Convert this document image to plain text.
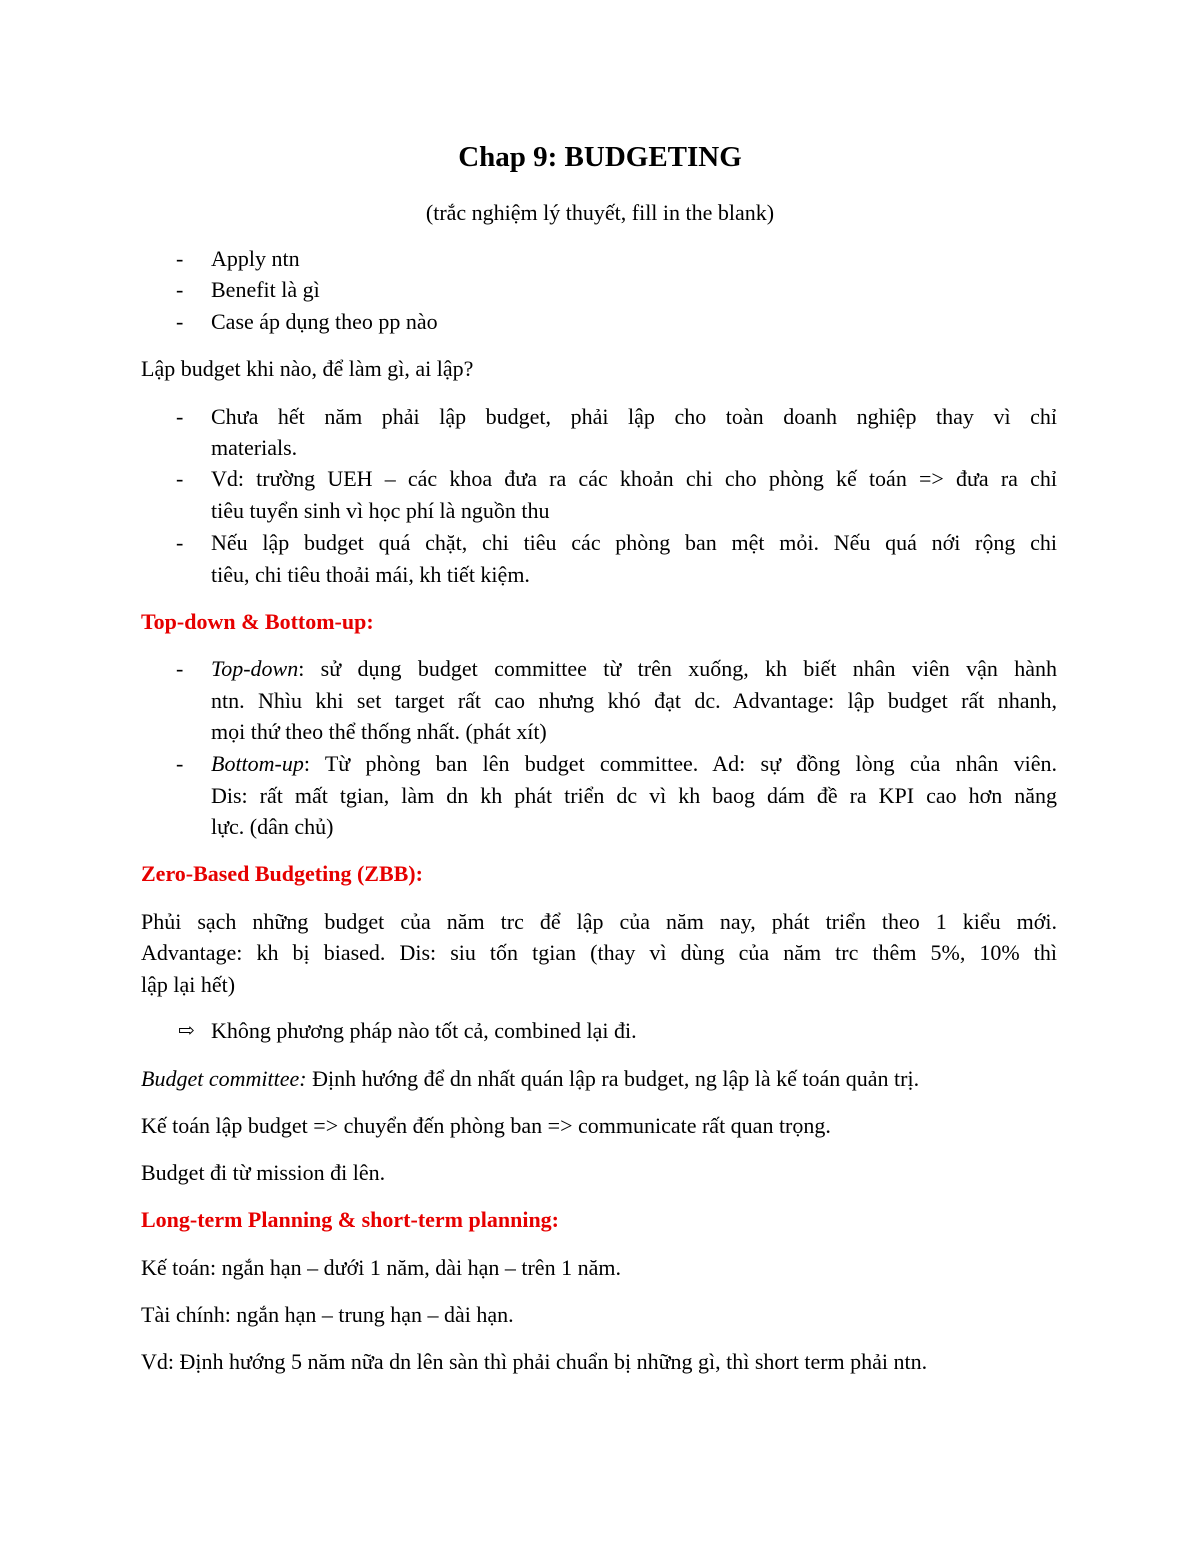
Chap 9: BUDGETING
(trắc nghiệm lý thuyết, fill in the blank)
- Apply ntn
- Benefit là gì
- Case áp dụng theo pp nào
Lập budget khi nào, để làm gì, ai lập?
- Chưa hết năm phải lập budget, phải lập cho toàn doanh nghiệp thay vì chỉ
materials.
- Vd: trường UEH – các khoa đưa ra các khoản chi cho phòng kế toán => đưa ra chỉ
tiêu tuyển sinh vì học phí là nguồn thu
- Nếu lập budget quá chặt, chi tiêu các phòng ban mệt mỏi. Nếu quá nới rộng chi
tiêu, chi tiêu thoải mái, kh tiết kiệm.
Top-down & Bottom-up:
- Top-down: sử dụng budget committee từ trên xuống, kh biết nhân viên vận hành
ntn. Nhìu khi set target rất cao nhưng khó đạt dc. Advantage: lập budget rất nhanh,
mọi thứ theo thể thống nhất. (phát xít)
- Bottom-up: Từ phòng ban lên budget committee. Ad: sự đồng lòng của nhân viên.
Dis: rất mất tgian, làm dn kh phát triển dc vì kh baog dám đề ra KPI cao hơn năng
lực. (dân chủ)
Zero-Based Budgeting (ZBB):
Phủi sạch những budget của năm trc để lập của năm nay, phát triển theo 1 kiểu mới.
Advantage: kh bị biased. Dis: siu tốn tgian (thay vì dùng của năm trc thêm 5%, 10% thì
lập lại hết)
⇨ Không phương pháp nào tốt cả, combined lại đi.
Budget committee: Định hướng để dn nhất quán lập ra budget, ng lập là kế toán quản trị.
Kế toán lập budget => chuyển đến phòng ban => communicate rất quan trọng.
Budget đi từ mission đi lên.
Long-term Planning & short-term planning:
Kế toán: ngắn hạn – dưới 1 năm, dài hạn – trên 1 năm.
Tài chính: ngắn hạn – trung hạn – dài hạn.
Vd: Định hướng 5 năm nữa dn lên sàn thì phải chuẩn bị những gì, thì short term phải ntn.
